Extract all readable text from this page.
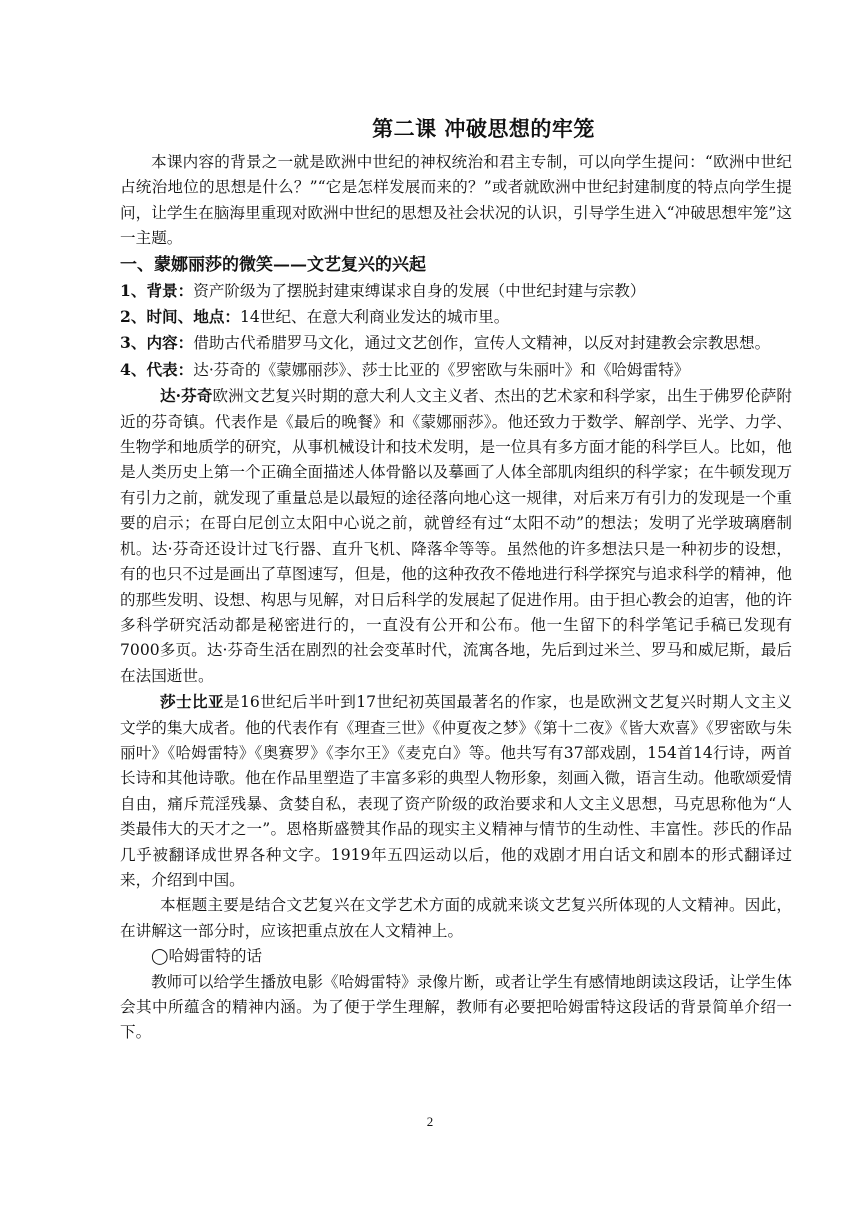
第二课 冲破思想的牢笼

本课内容的背景之一就是欧洲中世纪的神权统治和君主专制，可以向学生提问：“欧洲中世纪占统治地位的思想是什么？”“它是怎样发展而来的？”或者就欧洲中世纪封建制度的特点向学生提问，让学生在脑海里重现对欧洲中世纪的思想及社会状况的认识，引导学生进入“冲破思想牢笼”这一主题。

一、蒙娜丽莎的微笑——文艺复兴的兴起

1、背景：资产阶级为了摆脱封建束缚谋求自身的发展（中世纪封建与宗教）

2、时间、地点：14世纪、在意大利商业发达的城市里。

3、内容：借助古代希腊罗马文化，通过文艺创作，宣传人文精神，以反对封建教会宗教思想。

4、代表：达·芬奇的《蒙娜丽莎》、莎士比亚的《罗密欧与朱丽叶》和《哈姆雷特》

达·芬奇欧洲文艺复兴时期的意大利人文主义者、杰出的艺术家和科学家，出生于佛罗伦萨附近的芬奇镇。代表作是《最后的晚餐》和《蒙娜丽莎》。他还致力于数学、解剖学、光学、力学、生物学和地质学的研究，从事机械设计和技术发明，是一位具有多方面才能的科学巨人。比如，他是人类历史上第一个正确全面描述人体骨骼以及摹画了人体全部肌肉组织的科学家；在牛顿发现万有引力之前，就发现了重量总是以最短的途径落向地心这一规律，对后来万有引力的发现是一个重要的启示；在哥白尼创立太阳中心说之前，就曾经有过“太阳不动”的想法；发明了光学玻璃磨制机。达·芬奇还设计过飞行器、直升飞机、降落伞等等。虽然他的许多想法只是一种初步的设想，有的也只不过是画出了草图速写，但是，他的这种孜孜不倦地进行科学探究与追求科学的精神，他的那些发明、设想、构思与见解，对日后科学的发展起了促进作用。由于担心教会的迫害，他的许多科学研究活动都是秘密进行的，一直没有公开和公布。他一生留下的科学笔记手稿已发现有7000多页。达·芬奇生活在剧烈的社会变革时代，流寓各地，先后到过米兰、罗马和威尼斯，最后在法国逝世。

莎士比亚是16世纪后半叶到17世纪初英国最著名的作家，也是欧洲文艺复兴时期人文主义文学的集大成者。他的代表作有《理查三世》《仲夏夜之梦》《第十二夜》《皆大欢喜》《罗密欧与朱丽叶》《哈姆雷特》《奥赛罗》《李尔王》《麦克白》等。他共写有37部戏剧，154首14行诗，两首长诗和其他诗歌。他在作品里塑造了丰富多彩的典型人物形象，刻画入微，语言生动。他歌颂爱情自由，痛斥荒淫残暴、贪婪自私，表现了资产阶级的政治要求和人文主义思想，马克思称他为“人类最伟大的天才之一”。恩格斯盛赞其作品的现实主义精神与情节的生动性、丰富性。莎氏的作品几乎被翻译成世界各种文字。1919年五四运动以后，他的戏剧才用白话文和剧本的形式翻译过来，介绍到中国。

本框题主要是结合文艺复兴在文学艺术方面的成就来谈文艺复兴所体现的人文精神。因此，在讲解这一部分时，应该把重点放在人文精神上。

◯哈姆雷特的话

教师可以给学生播放电影《哈姆雷特》录像片断，或者让学生有感情地朗读这段话，让学生体会其中所蕴含的精神内涵。为了便于学生理解，教师有必要把哈姆雷特这段话的背景简单介绍一下。

2
